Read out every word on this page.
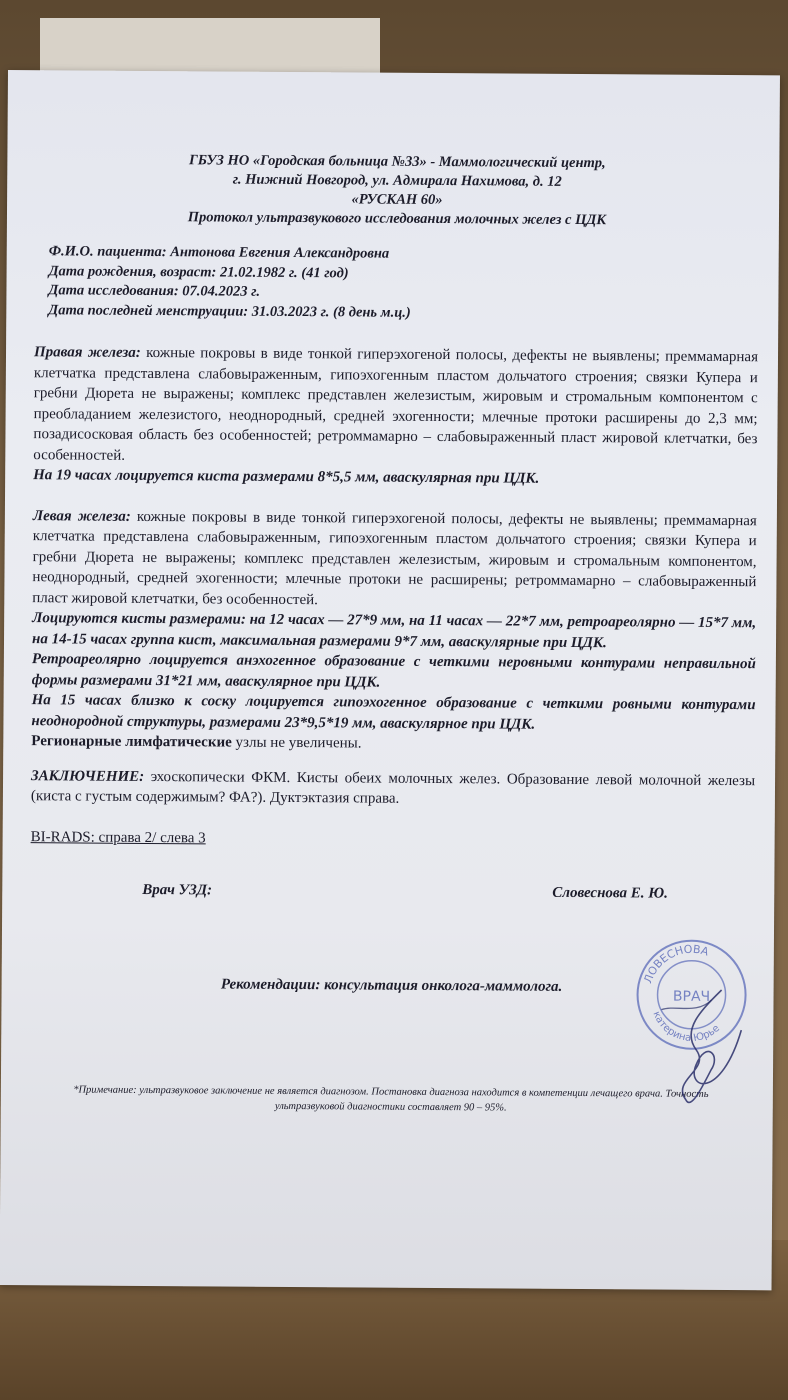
ГБУЗ НО «Городская больница №33» - Маммологический центр,
г. Нижний Новгород, ул. Адмирала Нахимова, д. 12
«РУСКАН 60»
Протокол ультразвукового исследования молочных желез с ЦДК
Ф.И.О. пациента: Антонова Евгения Александровна
Дата рождения, возраст: 21.02.1982 г. (41 год)
Дата исследования: 07.04.2023 г.
Дата последней менструации: 31.03.2023 г. (8 день м.ц.)
Правая железа: кожные покровы в виде тонкой гиперэхогеной полосы, дефекты не выявлены; преммамарная клетчатка представлена слабовыраженным, гипоэхогенным пластом дольчатого строения; связки Купера и гребни Дюрета не выражены; комплекс представлен железистым, жировым и стромальным компонентом с преобладанием железистого, неоднородный, средней эхогенности; млечные протоки расширены до 2,3 мм; позадисосковая область без особенностей; ретроммамарно – слабовыраженный пласт жировой клетчатки, без особенностей.
На 19 часах лоцируется киста размерами 8*5,5 мм, аваскулярная при ЦДК.
Левая железа: кожные покровы в виде тонкой гиперэхогеной полосы, дефекты не выявлены; преммамарная клетчатка представлена слабовыраженным, гипоэхогенным пластом дольчатого строения; связки Купера и гребни Дюрета не выражены; комплекс представлен железистым, жировым и стромальным компонентом, неоднородный, средней эхогенности; млечные протоки не расширены; ретроммамарно – слабовыраженный пласт жировой клетчатки, без особенностей.
Лоцируются кисты размерами: на 12 часах — 27*9 мм, на 11 часах — 22*7 мм, ретроареолярно — 15*7 мм, на 14-15 часах группа кист, максимальная размерами 9*7 мм, аваскулярные при ЦДК.
Ретроареолярно лоцируется анэхогенное образование с четкими неровными контурами неправильной формы размерами 31*21 мм, аваскулярное при ЦДК.
На 15 часах близко к соску лоцируется гипоэхогенное образование с четкими ровными контурами неоднородной структуры, размерами 23*9,5*19 мм, аваскулярное при ЦДК.
Регионарные лимфатические узлы не увеличены.
ЗАКЛЮЧЕНИЕ: эхоскопически ФКМ. Кисты обеих молочных желез. Образование левой молочной железы (киста с густым содержимым? ФА?). Дуктэктазия справа.
BI-RADS: справа 2/ слева 3
Врач УЗД:	Словеснова Е. Ю.
Рекомендации: консультация онколога-маммолога.
*Примечание: ультразвуковое заключение не является диагнозом. Постановка диагноза находится в компетенции лечащего врача. Точность
ультразвуковой диагностики составляет 90 – 95%.
ЛОВЕСНОВА
катерина Юрье
ВРАЧ
